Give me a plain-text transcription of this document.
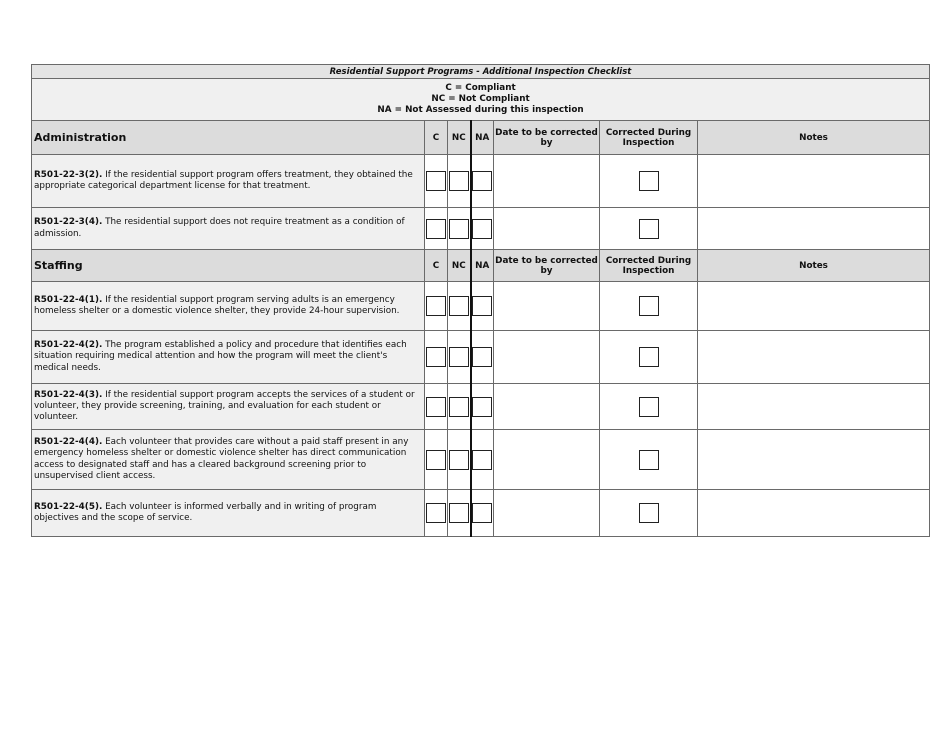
Residential Support Programs - Additional Inspection Checklist						

C = Compliant
NC = Not Compliant
NA = Not Assessed during this inspection						

Administration	C	NC	NA	Date to be corrected by	Corrected During Inspection	Notes
R501-22-3(2). If the residential support program offers treatment, they obtained the appropriate categorical department license for that treatment.						
R501-22-3(4). The residential support does not require treatment as a condition of admission.						
Staffing	C	NC	NA	Date to be corrected by	Corrected During Inspection	Notes
R501-22-4(1). If the residential support program serving adults is an emergency homeless shelter or a domestic violence shelter, they provide 24-hour supervision.						
R501-22-4(2). The program established a policy and procedure that identifies each situation requiring medical attention and how the program will meet the client's medical needs.						
R501-22-4(3). If the residential support program accepts the services of a student or volunteer, they provide screening, training, and evaluation for each student or volunteer.						
R501-22-4(4). Each volunteer that provides care without a paid staff present in any emergency homeless shelter or domestic violence shelter has direct communication access to designated staff and has a cleared background screening prior to unsupervised client access.						
R501-22-4(5). Each volunteer is informed verbally and in writing of program objectives and the scope of service.						
